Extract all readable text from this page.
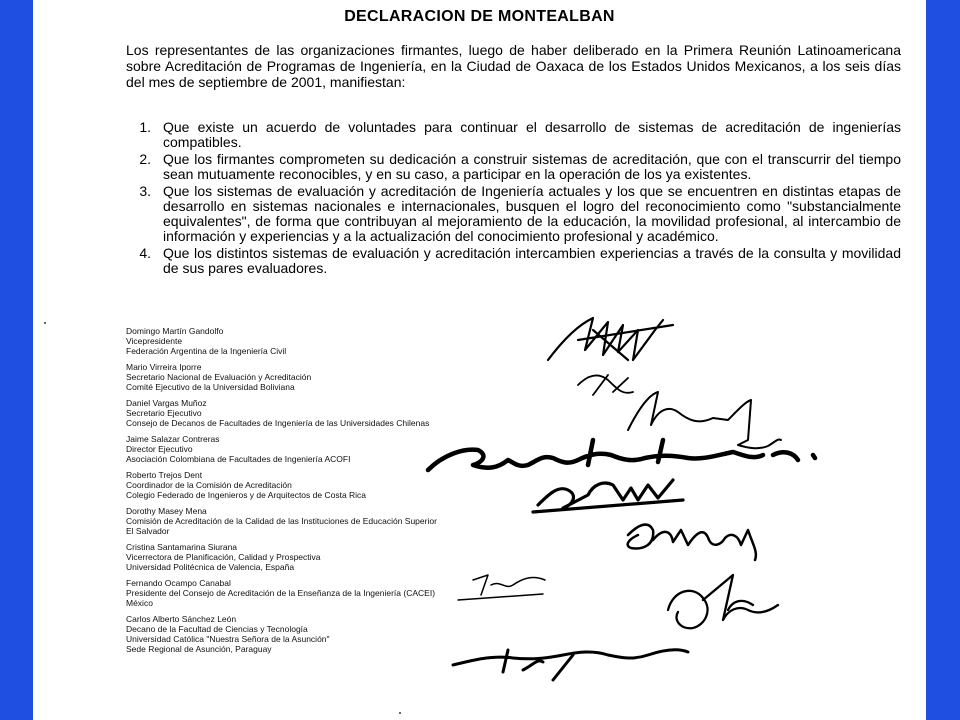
DECLARACION DE MONTEALBAN
Los representantes de las organizaciones firmantes, luego de haber deliberado en la Primera Reunión Latinoamericana sobre Acreditación de Programas de Ingeniería, en la Ciudad de Oaxaca de los Estados Unidos Mexicanos, a los seis días del mes de septiembre de 2001, manifiestan:
1. Que existe un acuerdo de voluntades para continuar el desarrollo de sistemas de acreditación de ingenierías compatibles.
2. Que los firmantes comprometen su dedicación a construir sistemas de acreditación, que con el transcurrir del tiempo sean mutuamente reconocibles, y en su caso, a participar en la operación de los ya existentes.
3. Que los sistemas de evaluación y acreditación de Ingeniería actuales y los que se encuentren en distintas etapas de desarrollo en sistemas nacionales e internacionales, busquen el logro del reconocimiento como "substancialmente equivalentes", de forma que contribuyan al mejoramiento de la educación, la movilidad profesional, al intercambio de información y experiencias y a la actualización del conocimiento profesional y académico.
4. Que los distintos sistemas de evaluación y acreditación intercambien experiencias a través de la consulta y movilidad de sus pares evaluadores.
Domingo Martín Gandolfo
Vicepresidente
Federación Argentina de la Ingeniería Civil
Mario Virreira Iporre
Secretario Nacional de Evaluación y Acreditación
Comité Ejecutivo de la Universidad Boliviana
Daniel Vargas Muñoz
Secretario Ejecutivo
Consejo de Decanos de Facultades de Ingeniería de las Universidades Chilenas
Jaime Salazar Contreras
Director Ejecutivo
Asociación Colombiana de Facultades de Ingeniería ACOFI
Roberto Trejos Dent
Coordinador de la Comisión de Acreditación
Colegio Federado de Ingenieros y de Arquitectos de Costa Rica
Dorothy Masey Mena
Comisión de Acreditación de la Calidad de las Instituciones de Educación Superior
El Salvador
Cristina Santamarina Siurana
Vicerrectora de Planificación, Calidad y Prospectiva
Universidad Politécnica de Valencia, España
Fernando Ocampo Canabal
Presidente del Consejo de Acreditación de la Enseñanza de la Ingeniería (CACEI)
México
Carlos Alberto Sánchez León
Decano de la Facultad de Ciencias y Tecnología
Universidad Católica "Nuestra Señora de la Asunción"
Sede Regional de Asunción, Paraguay
